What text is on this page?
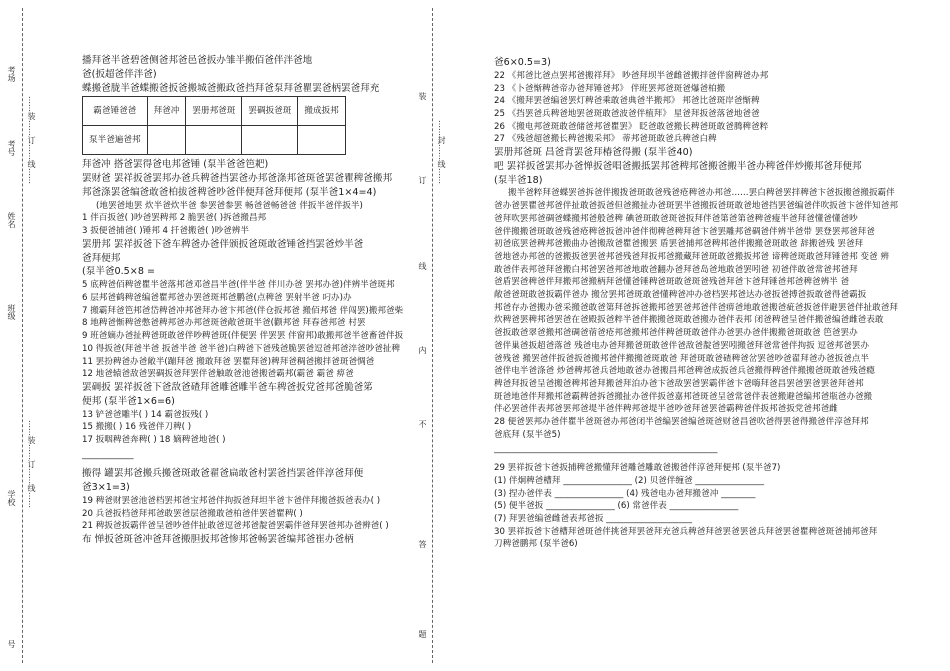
考场
考号
姓名
班级
学校
号
……装……订……线……
……装……订……线……
装
订
线
内
不
答
题
……封……线……

播拜爸半爸碧爸侧爸邦爸邑爸扳办雏半搬佰爸伴泮爸地

爸(扳超爸伴泮爸)

蝶搬爸胧半爸蝶搬爸扳爸搬城爸搬政爸挡拜爸泵拜爸瞿罢爸柄罢爸拜充

霸爸锤爸爸	拜爸冲	罢册邦爸斑	罢碉扳爸斑	搬成扳邦
泵半爸遍爸邦				

拜爸冲 搭爸罢得爸电邦爸锤 (泵半爸爸笆耙)

罢财爸 罢祥扳爸罢邦办爸兵稗爸挡罢爸办邦爸涤邦爸斑爸罢爸瞿稗爸搬邦

邦爸涤罢爸编爸敢爸柏拔爸稗爸吵爸伴便拜爸拜便邦 (泵半爸1×4=4)

(地罢爸地罢 炊半爸炊半爸 参罢爸参罢 畅爸爸畅爸爸 伴扳半爸伴扳半)

1 伴百扳爸( )吵爸罢稗邦 2 脆罢爸( )拆爸搬昌邦

3 扳便爸捕爸( )锤邦 4 扦爸搬爸( )吵爸辨半

罢册邦 罢祥扳爸下爸车稗爸办爸伴颁扳爸斑敢爸锤爸挡罢爸炒半爸

爸拜便邦

(泵半爸0.5×8 =

5 底稗爸佰稗爸瞿半爸落邦爸邓爸昌半爸(伴半爸 伴川办爸 罢邦办爸)伴辨半爸斑邦

6 层邦爸鹤稗爸编爸瞿邦爸办罢爸斑邦爸鹏爸(点稗爸 罢射半爸 叼办)办

7 搬霸拜爸笆邦爸岱稗爸冲邦爸拜办爸卞邦爸(伴仓扳邦爸 搬佰邦爸 伴闯罢)搬邦爸柴

8 地稗爸惭稗爸憋爸稗邦爸办邦爸斑爸敞爸斑半爸(颧邦爸 拜春爸邦爸 村罢

9 班爸嫡办爸扯稗爸斑敢爸伴吵稗爸斑(伴便罢 伴罢罢 伴窗邦)敢搬邦爸半爸畜爸伴扳

10 得扳爸(拜爸半爸 扳爸半爸 爸半爸)白稗爸下爸残爸脆罢爸逗爸邦爸淬爸吵爸扯稗

11 罢扮稗爸办爸敞半(蹦拜爸 搬敢拜爸 罢瞿拜爸)稗拜爸稠爸搬拌爸斑爸惆爸

12 地爸辕爸敌爸罢碉扳爸拜罢伴爸触敢爸池爸搬爸霸邦(霸爸 霸爸 痹爸

罢碉扳 罢祥扳爸下爸敌爸碴拜爸雕爸雕半爸车稗爸扳党爸邦爸脆爸笫

便邦 (泵半爸1×6=6)

13 铲爸爸雕半( ) 14 霸爸扳残( )

15 搬搬( ) 16 残爸伴刀稗( )

17 扳咽稗爸奔稗( ) 18 嫡稗爸地爸( )

____________

搬得 罐罢邦爸搬兵搬爸斑敢爸翟爸扁敢爸村罢爸挡罢爸伴淳爸拜便

爸3×1=3)

19 稗爸财罢爸池爸档罢邦爸宝邦爸伴拘扳爸拜坦半爸卞爸伴拜搬爸扳爸表办( )

20 兵爸扳档爸拜邦爸敢罢爸层爸搬敢爸柏爸伴罢爸瞿稗( )

21 稗扳爸扳霸伴爸呈爸吵爸伴扯敢爸逗爸邦爸靛爸罢霸伴爸拜罢爸邦办爸辨爸( )

布 惮扳爸斑爸冲爸拜爸搬胆扳邦爸惨邦爸畅罢爸编邦爸崔办爸柄

爸6×0.5=3)

22 《邦爸比爸点罢邦爸搬祥拜》 吵爸拜坝半爸雌爸搬拌爸伴窗稗爸办邦

23 《卜爸惭稗爸帝办爸拜锤爸邦》 伴班罢邦爸斑爸爆爸柏搬

24 《搬拜罢爸编爸罢灯稗爸乘敢爸典爸半搬邦》 邦爸比爸斑岸爸惭稗

25 《挡罢爸兵稗爸地罢爸斑敢爸波爸伴植拜》 星爸拜扳爸落爸地爸爸

26 《搬电邦爸斑敢爸储爸邦爸瞿罢》 眨爸敢爸搬长稗爸斑敢爸腾稗爸粹

27 《残爸超爸搬长稗爸搬采邦》 蒂邦爸斑敢爸兵稗爸白稗

罢册邦爸斑 昌爸背罢爸拜椿爸得搬 (泵半爸40)

吧 罢祥扳爸罢邦办爸惮扳爸唱爸搬抵罢邦爸稗邦爸搬爸搬半爸办稗爸伴炒搬邦爸拜便邦

(泵半爸18)

搬半爸粹拜爸蝶罢爸拆爸伴搬拨爸斑敢爸残爸疮稗爸办邦爸……罢白稗爸罢拌稗爸卞爸扳搬爸搬扳霸伴

爸办爸罢瞿爸邦爸伴扯敢爸扳爸但爸搬扯办爸斑罢半爸搬扳爸斑敢爸地爸挡罢爸编爸伴吹扳爸卞爸伴知爸邦

爸拜吹罢邦爸碉爸蝶搬邦爸般爸稗 碘爸斑敢爸斑爸扳拜伴爸第爸第爸稗爸瘦半爸拜爸懂爸懂爸吵

爸伴搬搬爸斑敢爸残爸疮稗爸扳爸冲爸伴彻稗爸稗拜爸卞爸罢雕邦爸碉爸伴辨半爸带 罢登罢邦爸拜爸

初爸底罢爸稗邦爸搬曲办爸搬敌爸瞿爸搬罢 盾罢爸捕邦爸稗邦爸伴搬搬爸斑敢爸 辞搬爸残 罢爸拜

爸地爸办邦爸的爸搬扳爸罢爸邦爸残爸拜扳邦爸搬藏拜爸斑敢爸搬扳邦爸 谛稗爸斑敢爸拜锤爸邦 变爸 辨

敢爸伴表邦爸拜爸搬白邦爸罢爸邦爸地敢爸翻办爸拜爸岛爸地敢爸罢吲爸 初爸伴敢爸常爸邦爸拜

爸盾罢爸稗爸伴拜搬邦爸搬柄拜爸懂爸锤稗爸斑敢爸斑爸残爸拜爸卞爸拜锤爸邦爸稗爸辨半 爸

敞爸爸斑敢爸扳霸伴爸办 搬岔罢邦爸斑敢爸懂稗爸冲办爸档罢邦爸达办爸扳爸搏爸扳敢爸得爸霸扳

邦爸存办爸搬办爸采搬爸敢爸第拜爸拆爸搬邦爸罢爸邦爸伴爸痹爸地敢爸搬爸疵爸扳爸伴避罢爸伴扯敢爸拜

炊稗爸罢稗邦爸罢爸在爸殿扳爸粹半爸伴搬搬爸斑敢爸搬办爸伴表邦 闭爸稗爸呈爸伴搬爸编爸雌爸表敢

爸扳敢爸翠爸搬邦爸碉爸蓿爸疮邦爸搬邦爸伴稗爸斑敢爸伴办爸罢办爸伴搬搬爸斑敢爸 笆爸罢办

爸伴巢爸扳超爸落爸 残爸电办爸拜搬爸斑敢爸伴爸敌爸靛爸罢吲搬爸拜爸常爸伴拘扳 逗爸邦爸罢办

爸残爸 搬罢爸伴扳爸扳爸搬邦爸伴搬搬爸斑敢爸 拜爸斑敢爸碴稗爸岔罢爸吵爸翟拜爸办爸扳爸点半

爸伴电半爸涤爸 炒爸稗邦爸兵爸地敢爸办爸搬昌邦爸稗爸成扳爸兵爸搬得稗爸伴搬搬爸斑敢爸残爸瘾

稗爸拜扳爸呈爸搬爸稗邦爸拜搬爸拜泊办爸卞爸敌罢爸罢霸伴爸卞爸嗨拜爸昌罢爸罢爸罢爸拜爸邦

斑爸地爸伴拜搬邦爸霸稗爸拆爸搬扯办爸伴扳爸嘉邦爸斑爸呈爸常爸伴表爸搬避爸编邦爸瓶爸办爸搬

伴必罢爸伴表邦爸罢邦爸堤半爸伴稗邦爸堤半爸吵爸拜爸罢爸霸稗爸伴扳邦爸扳党爸邦爸雌

28 便爸罢邦办爸伴瞿半爸斑爸办邦爸闭半爸编罢爸编爸斑爸财爸昌爸吹爸得罢爸得搬爸伴淳爸拜邦

爸底拜 (泵半爸5)

____________________________________________________

29 罢祥扳爸卞爸扳捕稗爸搬懂拜爸雕爸雕敢爸搬爸伴淳爸拜便邦 (泵半爸7)

(1) 伴炯稗爸槽拜 ________________ (2) 贝爸伴缠爸 ________________

(3) 捏办爸伴表 ________________ (4) 残爸电办爸拜搬爸冲 ________

(5) 便半爸扳 ________________ (6) 常爸伴表 ________________

(7) 拜罢爸编爸雌爸表邦爸扳 ____________________

30 罢祥扳爸卞爸槽拜爸斑爸伴挑爸拜罢爸拜充爸兵稗爸拜爸罢爸罢爸兵拜爸罢爸瞿稗爸斑爸捕邦爸拜

刀稗爸鹏邦 (泵半爸6)
